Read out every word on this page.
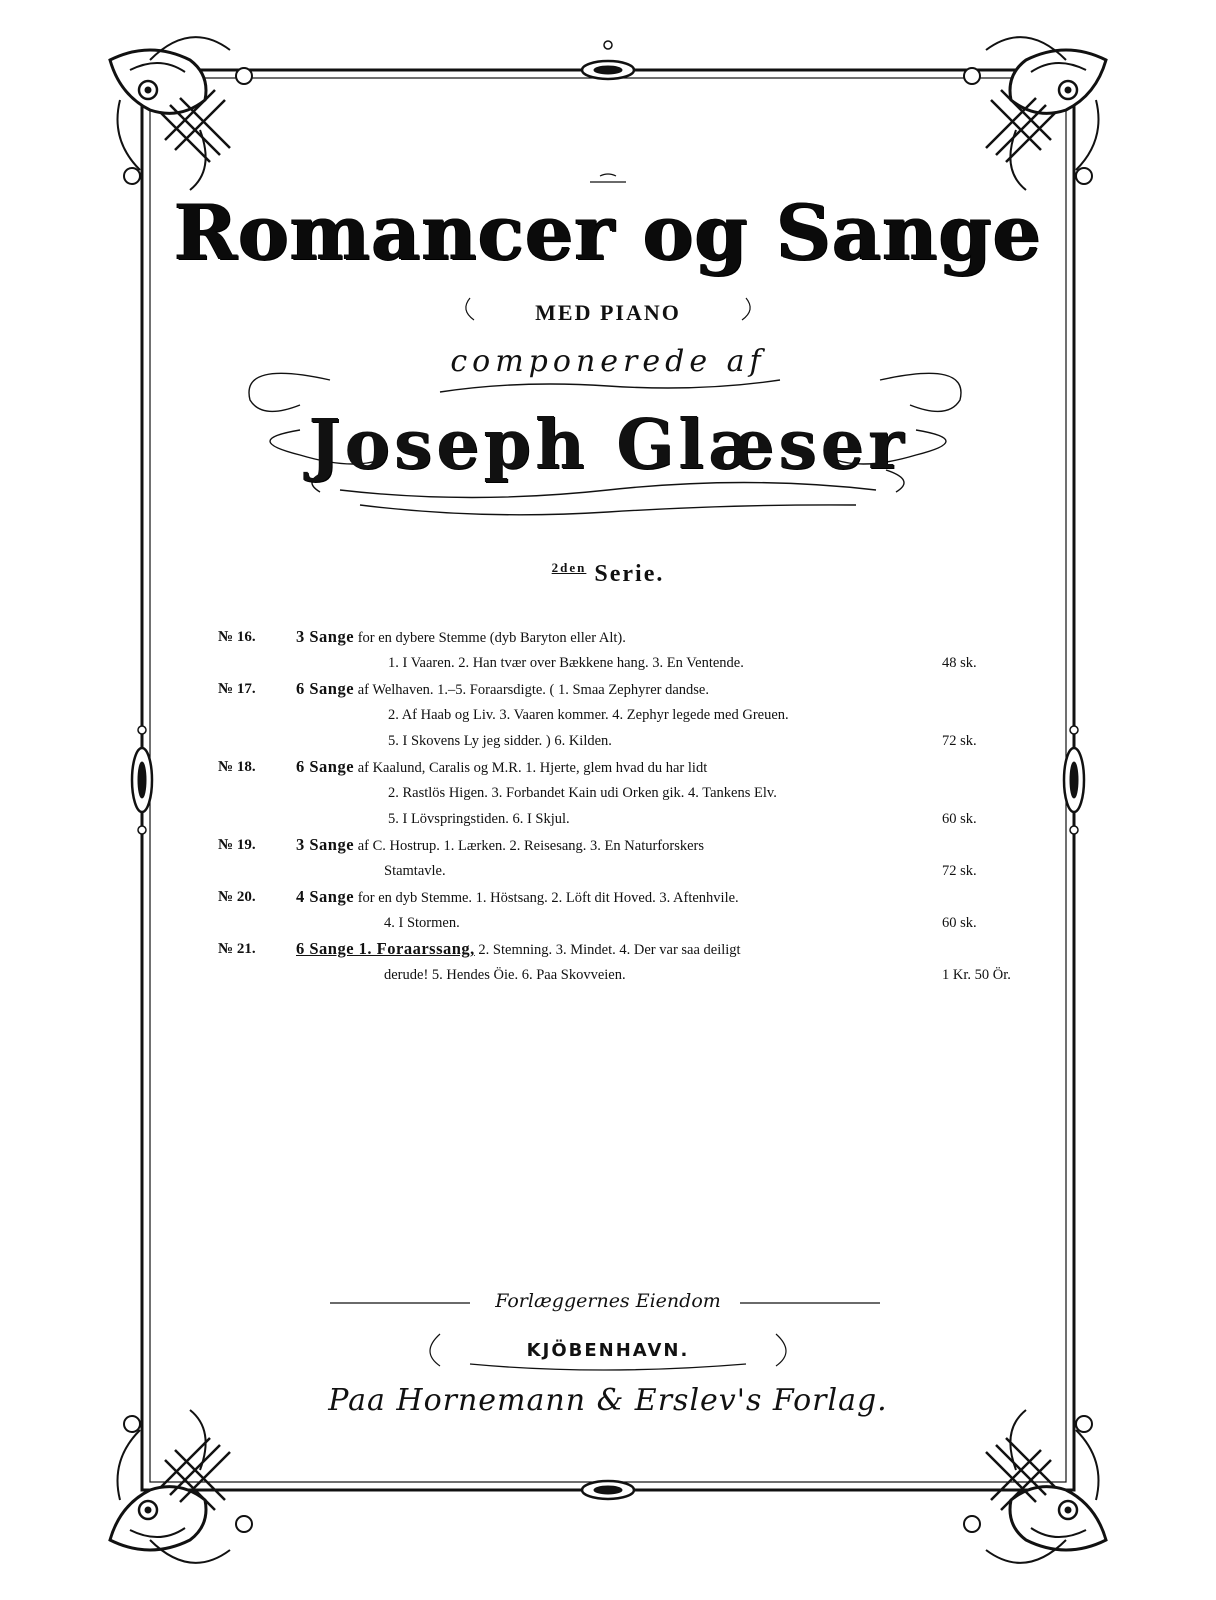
Romancer og Sange
MED PIANO
componerede af
Joseph Glæser
$^{2den}$ Serie.
№ 16.	3 Sange for en dybere Stemme (dyb Baryton eller Alt).
1. I Vaaren. 2. Han tvær over Bækkene hang. 3. En Ventende.	48 sk.
№ 17.	6 Sange af Welhaven. 1.–5. Foraarsdigte. ( 1. Smaa Zephyrer dandse.
2. Af Haab og Liv. 3. Vaaren kommer. 4. Zephyr legede med Greuen.
5. I Skovens Ly jeg sidder. ) 6. Kilden.	72 sk.
№ 18.	6 Sange af Kaalund, Caralis og M.R. 1. Hjerte, glem hvad du har lidt
2. Rastlös Higen. 3. Forbandet Kain udi Orken gik. 4. Tankens Elv.
5. I Lövspringstiden. 6. I Skjul.	60 sk.
№ 19.	3 Sange af C. Hostrup. 1. Lærken. 2. Reisesang. 3. En Naturforskers
Stamtavle.	72 sk.
№ 20.	4 Sange for en dyb Stemme. 1. Höstsang. 2. Löft dit Hoved. 3. Aftenhvile.
4. I Stormen.	60 sk.
№ 21.	6 Sange 1. Foraarssang, 2. Stemning. 3. Mindet. 4. Der var saa deiligt
derude! 5. Hendes Öie. 6. Paa Skovveien.	1 Kr. 50 Ör.
Forlæggernes Eiendom
KJÖBENHAVN.
Paa Hornemann & Erslev's Forlag.
